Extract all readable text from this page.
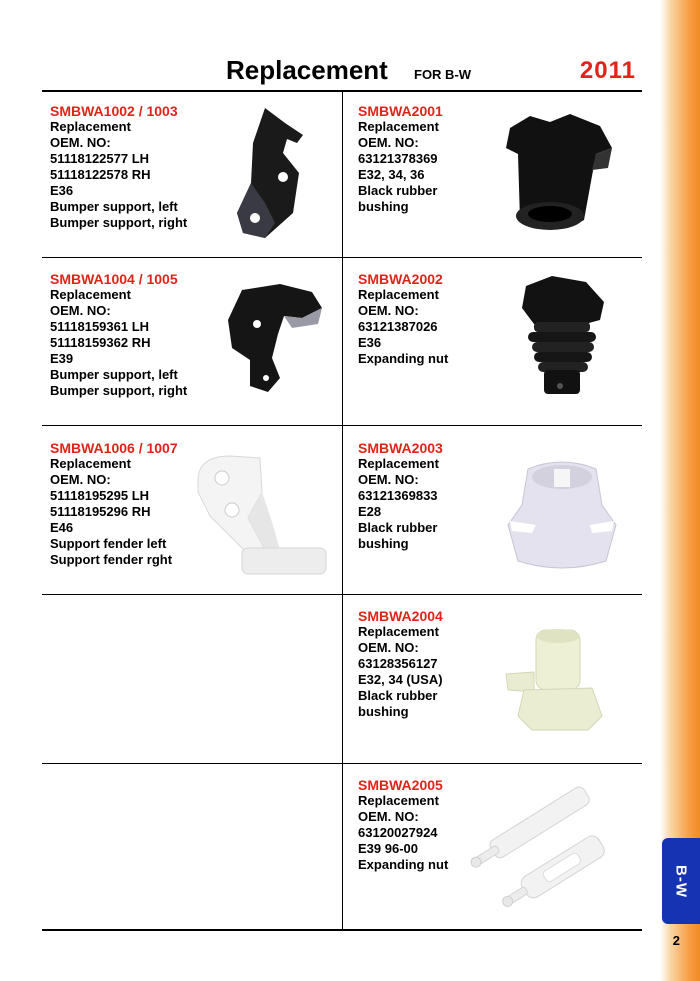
B-W
2
Replacement FOR B-W	2011
SMBWA1002 / 1003
Replacement
OEM. NO:
51118122577 LH
51118122578 RH
E36
Bumper support, left
Bumper support, right
SMBWA2001
Replacement
OEM. NO:
63121378369
E32, 34, 36
Black rubber
bushing
SMBWA1004 / 1005
Replacement
OEM. NO:
51118159361 LH
51118159362 RH
E39
Bumper support, left
Bumper support, right
SMBWA2002
Replacement
OEM. NO:
63121387026
E36
Expanding nut
SMBWA1006 / 1007
Replacement
OEM. NO:
51118195295 LH
51118195296 RH
E46
Support fender left
Support fender rght
SMBWA2003
Replacement
OEM. NO:
63121369833
E28
Black rubber
bushing
SMBWA2004
Replacement
OEM. NO:
63128356127
E32, 34 (USA)
Black rubber
bushing
SMBWA2005
Replacement
OEM. NO:
63120027924
E39 96-00
Expanding nut
